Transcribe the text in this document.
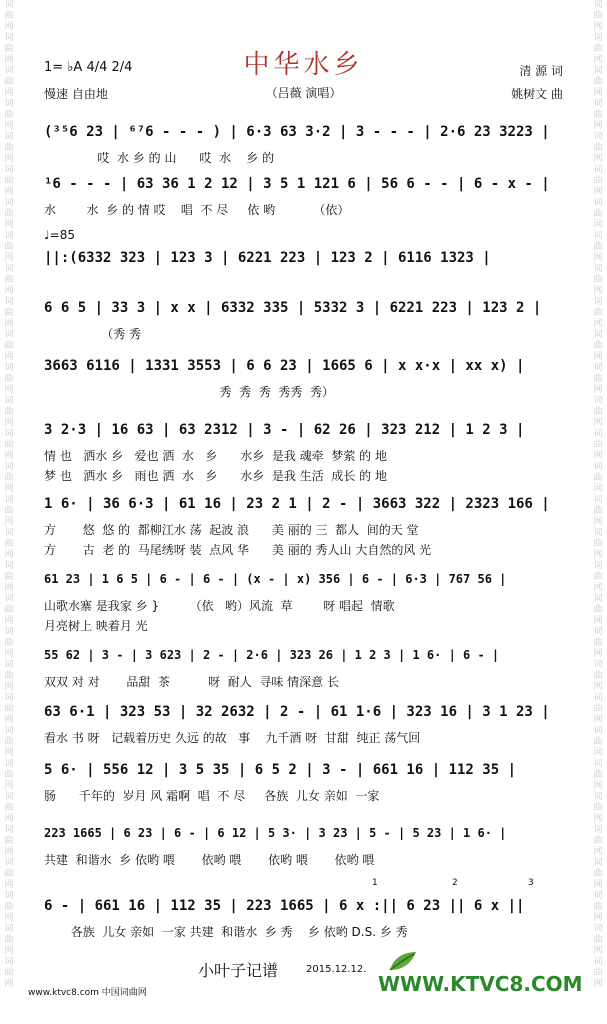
词曲网词曲网词曲网词曲网词曲网词曲网词曲网词曲网词曲网词曲网词曲网词曲网词曲网词曲网词曲网词曲网词曲网词曲网词曲网词曲网词曲网词曲网词曲网词曲网词曲网词曲网词曲网词曲网词曲网词曲网
词曲网词曲网词曲网词曲网词曲网词曲网词曲网词曲网词曲网词曲网词曲网词曲网词曲网词曲网词曲网词曲网词曲网词曲网词曲网词曲网词曲网词曲网词曲网词曲网词曲网词曲网词曲网词曲网词曲网词曲网
1= ♭A 4/4 2/4
慢速 自由地
中华水乡
（吕薇 演唱）
清 源 词
姚树文 曲
♩=85
(³⁵6 23 | ⁶⁷6 - - - ) | 6·3 63 3·2 | 3 - - - | 2·6 23 3223 |
哎  水 乡 的 山      哎  水    乡 的
¹6 - - - | 63 36 1 2 12 | 3 5 1 121 6 | 56 6 - - | 6 - x - |
水        水  乡 的 情 哎    唱  不 尽     依 哟          （依）
||:(6332 323 | 123 3 | 6221 223 | 123 2 | 6116 1323 |
6 6 5 | 33 3 | x x | 6332 335 | 5332 3 | 6221 223 | 123 2 |
（秀 秀
3663 6116 | 1331 3553 | 6 6 23 | 1665 6 | x x·x | xx x) |
秀  秀  秀  秀秀  秀）
3 2·3 | 16 63 | 63 2312 | 3 - | 62 26 | 323 212 | 1 2 3 |
情 也   洒水 乡   爱也 洒  水   乡      水乡  是我 魂牵  梦萦 的 地
梦 也   洒水 乡   雨也 洒  水   乡      水乡  是我 生活  成长 的 地
1 6· | 36 6·3 | 61 16 | 23 2 1 | 2 - | 3663 322 | 2323 166 |
方       悠  悠 的  都柳江水 荡  起波 浪      美 丽的 三  都人  间的天 堂
方       古  老 的  马尾绣呀 装  点风 华      美 丽的 秀人山 大自然的风 光
61 23 | 1 6 5 | 6 - | 6 - | (x - | x) 356 | 6 - | 6·3 | 767 56 |
山歌水寨 是我家 乡 }        （依   哟）风流  草        呀 唱起  情歌
月亮树上 映着月 光
55 62 | 3 - | 3 623 | 2 - | 2·6 | 323 26 | 1 2 3 | 1 6· | 6 - |
双双 对 对       品甜  茶          呀  耐人  寻味 情深意 长
63 6·1 | 323 53 | 32 2632 | 2 - | 61 1·6 | 323 16 | 3 1 23 |
看水 书 呀   记载着历史 久远 的故   事    九千酒 呀  甘甜  纯正 荡气回
5 6· | 556 12 | 3 5 35 | 6 5 2 | 3 - | 661 16 | 112 35 |
肠      千年的  岁月 风 霜啊  唱  不 尽     各族  儿女 亲如  一家
223 1665 | 6 23 | 6 - | 6 12 | 5 3· | 3 23 | 5 - | 5 23 | 1 6· |
共建  和谐水  乡 依哟 喂       依哟 喂       依哟 喂       依哟 喂
6 - | 661 16 | 112 35 | 223 1665 | 6 x :|| 6 23 || 6 x ||
各族  儿女 亲如  一家 共建  和谐水  乡 秀    乡 依哟 D.S. 乡 秀
1	2	3
小叶子记谱	2015.12.12.
www.ktvc8.com 中国词曲网	WWW.KTVC8.COM
